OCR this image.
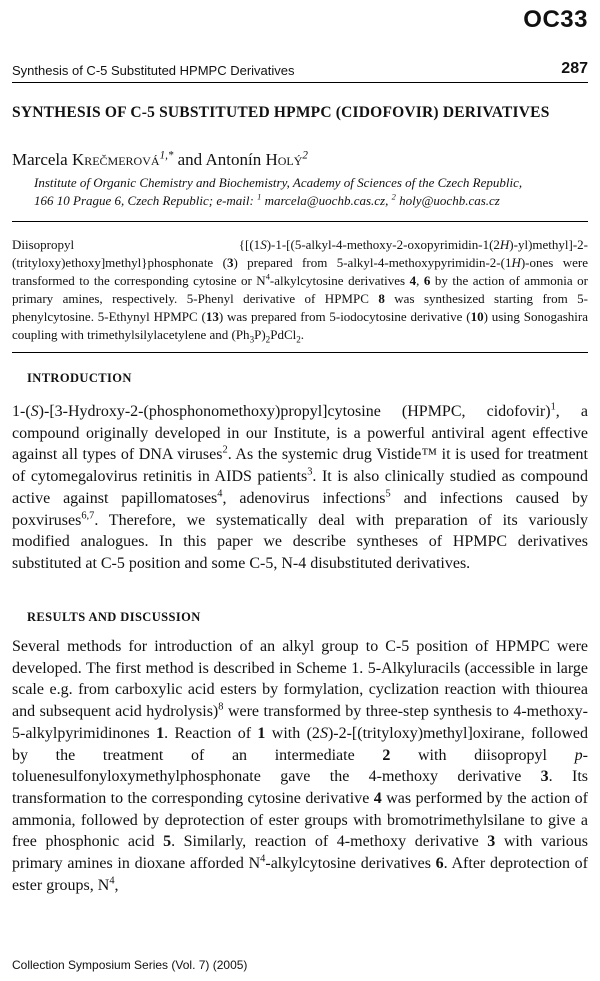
OC33
Synthesis of C-5 Substituted HPMPC Derivatives	287
SYNTHESIS OF C-5 SUBSTITUTED HPMPC (CIDOFOVIR) DERIVATIVES
Marcela Krečmerová$^{1,*}$ and Antonín Holý$^2$
Institute of Organic Chemistry and Biochemistry, Academy of Sciences of the Czech Republic,
166 10 Prague 6, Czech Republic; e-mail: $^1$ marcela@uochb.cas.cz, $^2$ holy@uochb.cas.cz
Diisopropyl {[(1S)-1-[(5-alkyl-4-methoxy-2-oxopyrimidin-1(2H)-yl)methyl]-2-(trityloxy)ethoxy]methyl}phosphonate (3) prepared from 5-alkyl-4-methoxypyrimidin-2-(1H)-ones were transformed to the corresponding cytosine or $N^4$-alkylcytosine derivatives 4, 6 by the action of ammonia or primary amines, respectively. 5-Phenyl derivative of HPMPC 8 was synthesized starting from 5-phenylcytosine. 5-Ethynyl HPMPC (13) was prepared from 5-iodocytosine derivative (10) using Sonogashira coupling with trimethylsilylacetylene and $(Ph_3P)_2PdCl_2$.
INTRODUCTION
1-(S)-[3-Hydroxy-2-(phosphonomethoxy)propyl]cytosine (HPMPC, cidofovir)$^1$, a compound originally developed in our Institute, is a powerful antiviral agent effective against all types of DNA viruses$^2$. As the systemic drug Vistide™ it is used for treatment of cytomegalovirus retinitis in AIDS patients$^3$. It is also clinically studied as compound active against papillomatoses$^4$, adenovirus infections$^5$ and infections caused by poxviruses$^{6,7}$. Therefore, we systematically deal with preparation of its variously modified analogues. In this paper we describe syntheses of HPMPC derivatives substituted at C-5 position and some C-5, N-4 disubstituted derivatives.
RESULTS AND DISCUSSION
Several methods for introduction of an alkyl group to C-5 position of HPMPC were developed. The first method is described in Scheme 1. 5-Alkyluracils (accessible in large scale e.g. from carboxylic acid esters by formylation, cyclization reaction with thiourea and subsequent acid hydrolysis)$^8$ were transformed by three-step synthesis to 4-methoxy-5-alkylpyrimidinones 1. Reaction of 1 with (2S)-2-[(trityloxy)methyl]oxirane, followed by the treatment of an intermediate 2 with diisopropyl p-toluenesulfonyloxymethylphosphonate gave the 4-methoxy derivative 3. Its transformation to the corresponding cytosine derivative 4 was performed by the action of ammonia, followed by deprotection of ester groups with bromotrimethylsilane to give a free phosphonic acid 5. Similarly, reaction of 4-methoxy derivative 3 with various primary amines in dioxane afforded $N^4$-alkylcytosine derivatives 6. After deprotection of ester groups, $N^4$,
Collection Symposium Series (Vol. 7) (2005)
